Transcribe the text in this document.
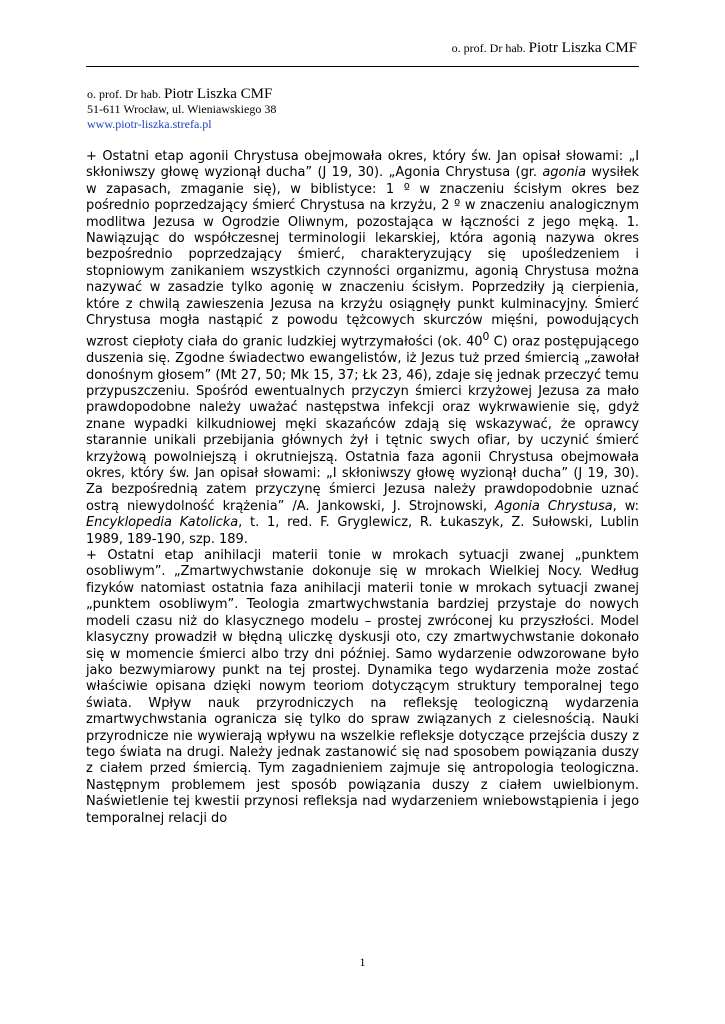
o. prof. Dr hab. Piotr Liszka CMF
o. prof. Dr hab. Piotr Liszka CMF
51-611 Wrocław, ul. Wieniawskiego 38
www.piotr-liszka.strefa.pl

+ Ostatni etap agonii Chrystusa obejmowała okres, który św. Jan opisał słowami: „I skłoniwszy głowę wyzionął ducha” (J 19, 30). „Agonia Chrystusa (gr. agonia wysiłek w zapasach, zmaganie się), w biblistyce: 1 º w znaczeniu ścisłym okres bez pośrednio poprzedzający śmierć Chrystusa na krzyżu, 2 º w znaczeniu analogicznym modlitwa Jezusa w Ogrodzie Oliwnym, pozostająca w łączności z jego męką. 1. Nawiązując do współczesnej terminologii lekarskiej, która agonią nazywa okres bezpośrednio poprzedzający śmierć, charakteryzujący się upośledzeniem i stopniowym zanikaniem wszystkich czynności organizmu, agonią Chrystusa można nazywać w zasadzie tylko agonię w znaczeniu ścisłym. Poprzedziły ją cierpienia, które z chwilą zawieszenia Jezusa na krzyżu osiągnęły punkt kulminacyjny. Śmierć Chrystusa mogła nastąpić z powodu tężcowych skurczów mięśni, powodujących wzrost ciepłoty ciała do granic ludzkiej wytrzymałości (ok. $40^0$ C) oraz postępującego duszenia się. Zgodne świadectwo ewangelistów, iż Jezus tuż przed śmiercią „zawołał donośnym głosem” (Mt 27, 50; Mk 15, 37; Łk 23, 46), zdaje się jednak przeczyć temu przypuszczeniu. Spośród ewentualnych przyczyn śmierci krzyżowej Jezusa za mało prawdopodobne należy uważać następstwa infekcji oraz wykrwawienie się, gdyż znane wypadki kilkudniowej męki skazańców zdają się wskazywać, że oprawcy starannie unikali przebijania głównych żył i tętnic swych ofiar, by uczynić śmierć krzyżową powolniejszą i okrutniejszą. Ostatnia faza agonii Chrystusa obejmowała okres, który św. Jan opisał słowami: „I skłoniwszy głowę wyzionął ducha” (J 19, 30). Za bezpośrednią zatem przyczynę śmierci Jezusa należy prawdopodobnie uznać ostrą niewydolność krążenia” /A. Jankowski, J. Strojnowski, Agonia Chrystusa, w: Encyklopedia Katolicka, t. 1, red. F. Gryglewicz, R. Łukaszyk, Z. Sułowski, Lublin 1989, 189-190, szp. 189.

+ Ostatni etap anihilacji materii tonie w mrokach sytuacji zwanej „punktem osobliwym”. „Zmartwychwstanie dokonuje się w mrokach Wielkiej Nocy. Według fizyków natomiast ostatnia faza anihilacji materii tonie w mrokach sytuacji zwanej „punktem osobliwym”. Teologia zmartwychwstania bardziej przystaje do nowych modeli czasu niż do klasycznego modelu – prostej zwróconej ku przyszłości. Model klasyczny prowadził w błędną uliczkę dyskusji oto, czy zmartwychwstanie dokonało się w momencie śmierci albo trzy dni później. Samo wydarzenie odwzorowane było jako bezwymiarowy punkt na tej prostej. Dynamika tego wydarzenia może zostać właściwie opisana dzięki nowym teoriom dotyczącym struktury temporalnej tego świata. Wpływ nauk przyrodniczych na refleksję teologiczną wydarzenia zmartwychwstania ogranicza się tylko do spraw związanych z cielesnością. Nauki przyrodnicze nie wywierają wpływu na wszelkie refleksje dotyczące przejścia duszy z tego świata na drugi. Należy jednak zastanowić się nad sposobem powiązania duszy z ciałem przed śmiercią. Tym zagadnieniem zajmuje się antropologia teologiczna. Następnym problemem jest sposób powiązania duszy z ciałem uwielbionym. Naświetlenie tej kwestii przynosi refleksja nad wydarzeniem wniebowstąpienia i jego temporalnej relacji do

1
